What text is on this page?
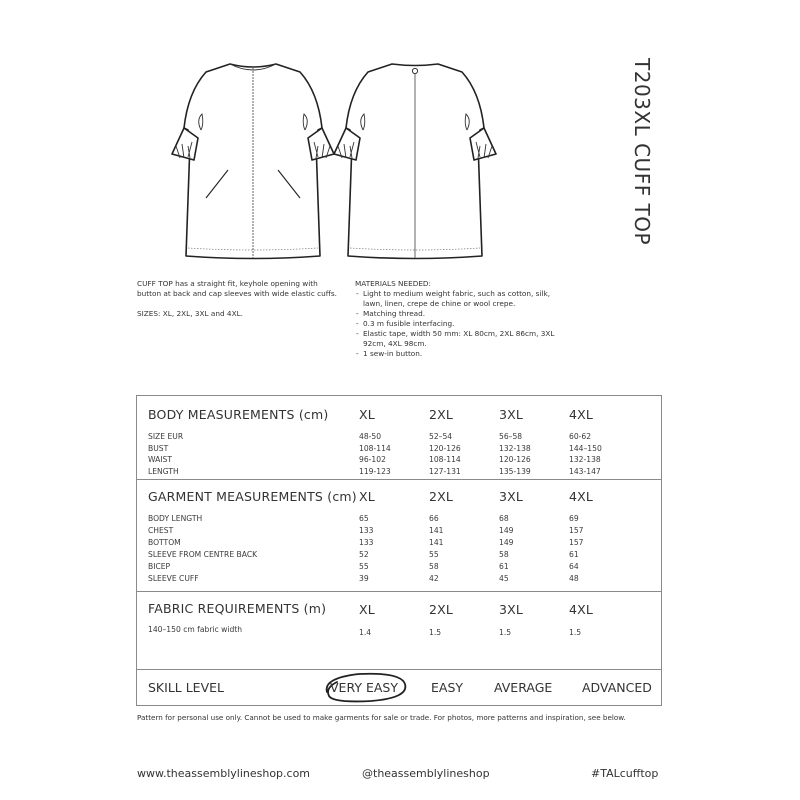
T203XL CUFF TOP

CUFF TOP has a straight fit, keyhole opening with button at back and cap sleeves with wide elastic cuffs.

SIZES: XL, 2XL, 3XL and 4XL.

MATERIALS NEEDED:

- Light to medium weight fabric, such as cotton, silk, lawn, linen, crepe de chine or wool crepe.
- Matching thread.
- 0.3 m fusible interfacing.
- Elastic tape, width 50 mm: XL 80cm, 2XL 86cm, 3XL 92cm, 4XL 98cm.
- 1 sew-in button.
BODY MEASUREMENTS (cm) XL	2XL	3XL	4XL
SIZE EUR	48-50	52–54	56–58	60-62
BUST	108-114	120-126	132-138	144–150
WAIST	96-102	108-114	120-126	132-138
LENGTH	119-123	127-131	135-139	143-147
GARMENT MEASUREMENTS (cm) XL	2XL	3XL	4XL
BODY LENGTH	65	66	68	69
CHEST	133	141	149	157
BOTTOM	133	141	149	157
SLEEVE FROM CENTRE BACK	52	55	58	61
BICEP	55	58	61	64
SLEEVE CUFF	39	42	45	48
FABRIC REQUIREMENTS (m)	XL	2XL	3XL	4XL
140–150 cm fabric width	1.4	1.5	1.5	1.5
SKILL LEVEL	VERY EASY	EASY AVERAGE ADVANCED
Pattern for personal use only. Cannot be used to make garments for sale or trade. For photos, more patterns and inspiration, see below.
www.theassemblylineshop.com	@theassemblylineshop	#TALcufftop
